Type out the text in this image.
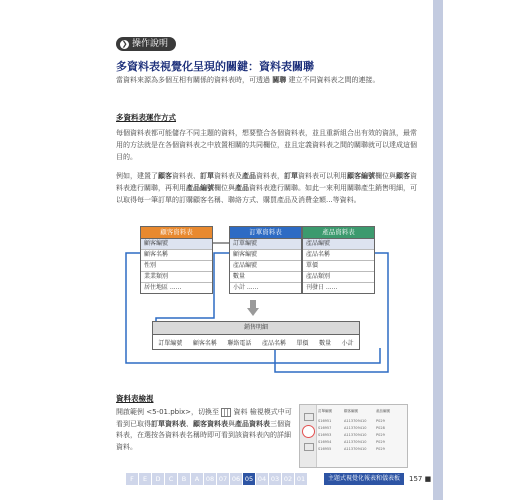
❯ 操作說明
多資料表視覺化呈現的關鍵：資料表關聯
當資料來源為多個互相有關係的資料表時，可透過 關聯 建立不同資料表之間的連接。
多資料表運作方式
每個資料表都可能儲存不同主題的資料，想要整合各個資料表，並且重新組合出有效的資訊，最常用的方法就是在各個資料表之中放置相關的共同欄位，並且定義資料表之間的關聯就可以達成這個目的。
例如，建置了顧客資料表、訂單資料表及產品資料表，訂單資料表可以利用顧客編號欄位與顧客資料表進行關聯，再利用產品編號欄位與產品資料表進行關聯。如此一來利用關聯產生銷售明細，可以取得每一筆訂單的訂購顧客名稱、聯絡方式、購買產品及消費金額...等資料。
顧客資料表
顧客編號
顧客名稱
性別
業業類別
居住地區 ......
訂單資料表
訂單編號
顧客編號
產品編號
數量
小計 ......
產品資料表
產品編號
產品名稱
單價
產品類別
刊發日 ......
銷售明細
訂單編號 顧客名稱 聯絡電話 產品名稱 單價 數量 小計
資料表檢視
開啟範例 <5-01.pbix>，切換至 資料 檢視模式中可看到已取得訂單資料表、顧客資料表與產品資料表三個資料表，在選按各資料表名稱時即可看到該資料表內的詳細資料。
訂單編號	顧客編號	產品編號
S16951	A113709410	P029
S16957	A113709410	P028
S16953	A113709410	P029
S16954	A113709410	P029
S16955	A113709410	P029
F	E	D	C	B	A	08 07 06 05 04 03 02 01	主題式視覺化報表和儀表板	157 ■
